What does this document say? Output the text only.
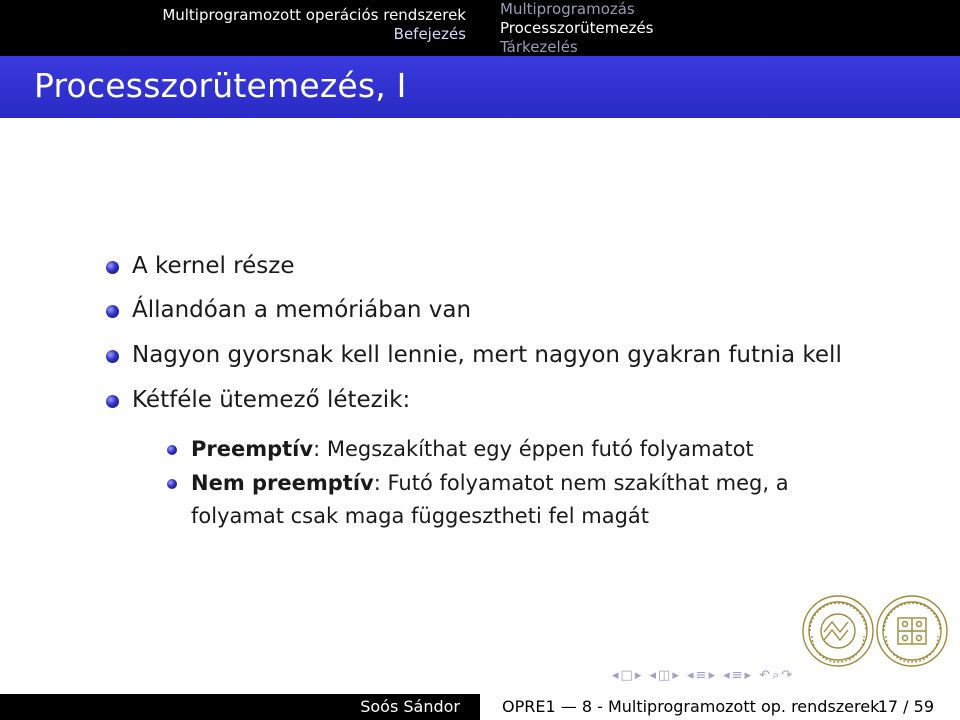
Multiprogramozott operációs rendszerek
Befejezés
Multiprogramozás
Processzorütemezés
Tárkezelés
Processzorütemezés, I
A kernel része
Állandóan a memóriában van
Nagyon gyorsnak kell lennie, mert nagyon gyakran futnia kell
Kétféle ütemező létezik:
Preemptív: Megszakíthat egy éppen futó folyamatot
Nem preemptív: Futó folyamatot nem szakíthat meg, a
folyamat csak maga függesztheti fel magát
◂□▸ ◂◫▸ ◂≡▸ ◂≡▸ ↶⌕↷
Soós Sándor	OPRE1 — 8 - Multiprogramozott op. rendszerek
17 / 59
